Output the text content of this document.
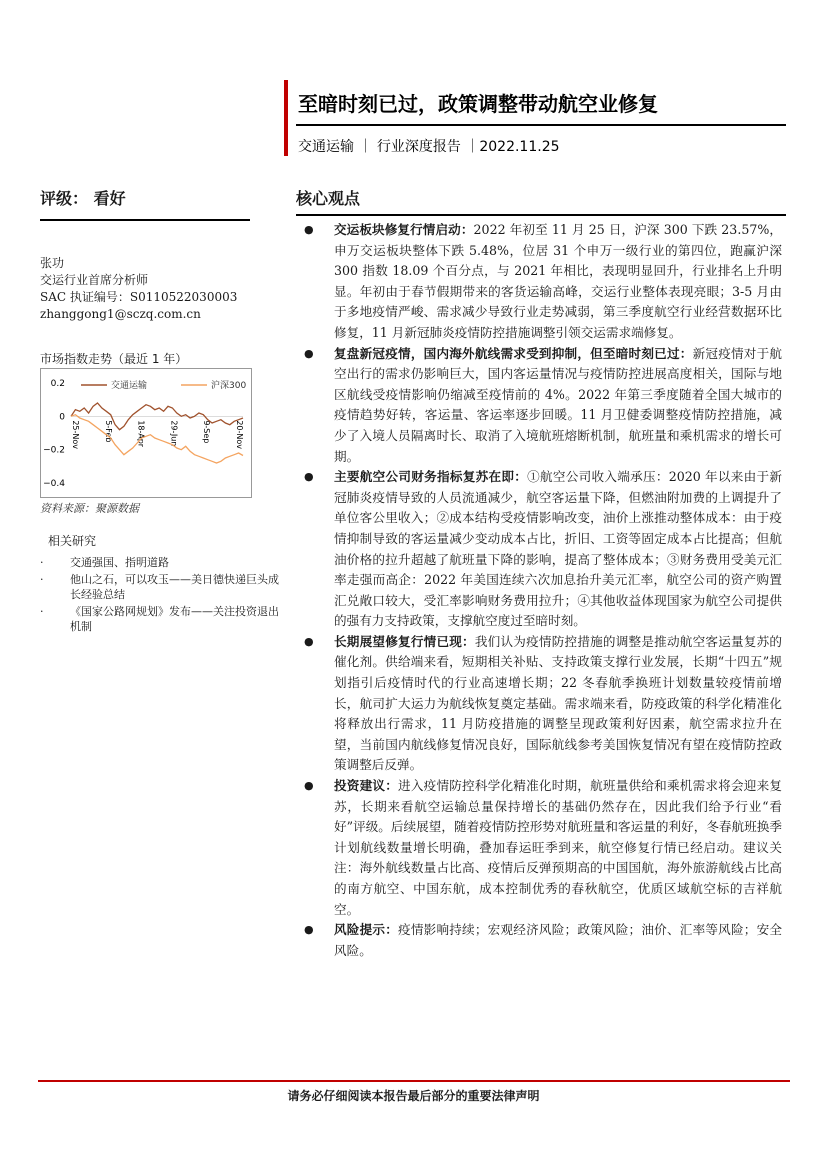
至暗时刻已过，政策调整带动航空业修复
交通运输 ｜ 行业深度报告 ｜2022.11.25
评级： 看好
张功
交运行业首席分析师
SAC 执证编号：S0110522030003
zhanggong1@sczq.com.cn
市场指数走势（最近 1 年）
0.2
0
−0.2
−0.4
25-Nov	5-Feb	18-Apr	29-Jun	9-Sep	20-Nov
交通运输	沪深300
资料来源：聚源数据
相关研究
· 交通强国、指明道路
· 他山之石，可以攻玉——美日德快递巨头成长经验总结
· 《国家公路网规划》发布——关注投资退出机制
核心观点
● 交运板块修复行情启动：2022 年初至 11 月 25 日，沪深 300 下跌 23.57%，申万交运板块整体下跌 5.48%，位居 31 个申万一级行业的第四位，跑赢沪深 300 指数 18.09 个百分点，与 2021 年相比，表现明显回升，行业排名上升明显。年初由于春节假期带来的客货运输高峰，交运行业整体表现亮眼；3-5 月由于多地疫情严峻、需求减少导致行业走势减弱，第三季度航空行业经营数据环比修复，11 月新冠肺炎疫情防控措施调整引领交运需求端修复。
● 复盘新冠疫情，国内海外航线需求受到抑制，但至暗时刻已过：新冠疫情对于航空出行的需求仍影响巨大，国内客运量情况与疫情防控进展高度相关，国际与地区航线受疫情影响仍缩减至疫情前的 4%。2022 年第三季度随着全国大城市的疫情趋势好转，客运量、客运率逐步回暖。11 月卫健委调整疫情防控措施，减少了入境人员隔离时长、取消了入境航班熔断机制，航班量和乘机需求的增长可期。
● 主要航空公司财务指标复苏在即：①航空公司收入端承压：2020 年以来由于新冠肺炎疫情导致的人员流通减少，航空客运量下降，但燃油附加费的上调提升了单位客公里收入；②成本结构受疫情影响改变，油价上涨推动整体成本：由于疫情抑制导致的客运量减少变动成本占比，折旧、工资等固定成本占比提高；但航油价格的拉升超越了航班量下降的影响，提高了整体成本；③财务费用受美元汇率走强而高企：2022 年美国连续六次加息抬升美元汇率，航空公司的资产购置汇兑敞口较大，受汇率影响财务费用拉升；④其他收益体现国家为航空公司提供的强有力支持政策，支撑航空度过至暗时刻。
● 长期展望修复行情已现：我们认为疫情防控措施的调整是推动航空客运量复苏的催化剂。供给端来看，短期相关补贴、支持政策支撑行业发展，长期“十四五”规划指引后疫情时代的行业高速增长期；22 冬春航季换班计划数量较疫情前增长，航司扩大运力为航线恢复奠定基础。需求端来看，防疫政策的科学化精准化将释放出行需求，11 月防疫措施的调整呈现政策利好因素，航空需求拉升在望，当前国内航线修复情况良好，国际航线参考美国恢复情况有望在疫情防控政策调整后反弹。
● 投资建议：进入疫情防控科学化精准化时期，航班量供给和乘机需求将会迎来复苏，长期来看航空运输总量保持增长的基础仍然存在，因此我们给予行业“看好”评级。后续展望，随着疫情防控形势对航班量和客运量的利好，冬春航班换季计划航线数量增长明确，叠加春运旺季到来，航空修复行情已经启动。建议关注：海外航线数量占比高、疫情后反弹预期高的中国国航，海外旅游航线占比高的南方航空、中国东航，成本控制优秀的春秋航空，优质区域航空标的吉祥航空。
● 风险提示：疫情影响持续；宏观经济风险；政策风险；油价、汇率等风险；安全风险。
请务必仔细阅读本报告最后部分的重要法律声明
